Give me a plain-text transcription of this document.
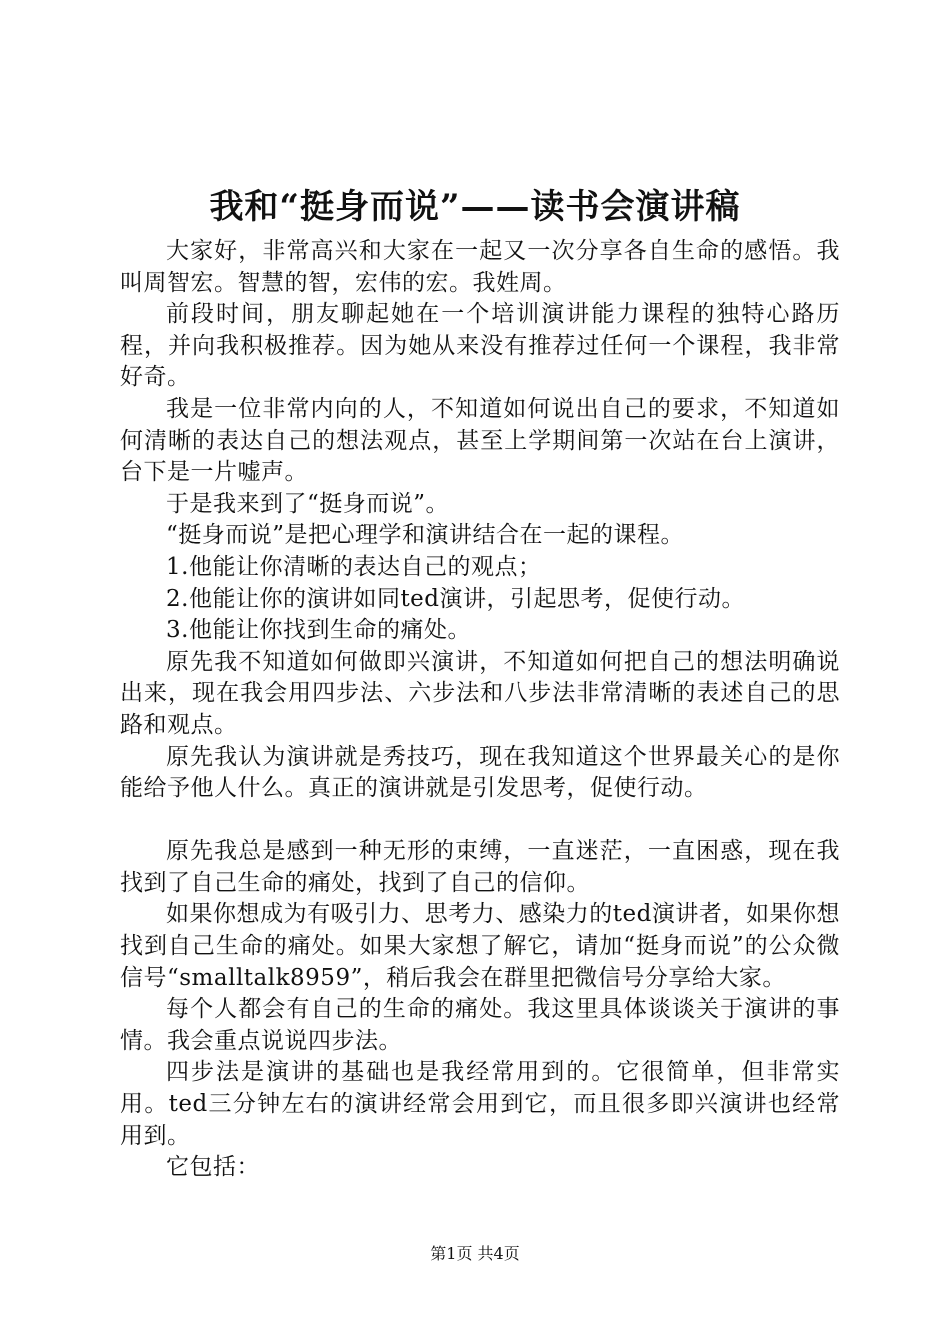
我和“挺身而说”——读书会演讲稿

大家好，非常高兴和大家在一起又一次分享各自生命的感悟。我叫周智宏。智慧的智，宏伟的宏。我姓周。

前段时间，朋友聊起她在一个培训演讲能力课程的独特心路历程，并向我积极推荐。因为她从来没有推荐过任何一个课程，我非常好奇。

我是一位非常内向的人，不知道如何说出自己的要求，不知道如何清晰的表达自己的想法观点，甚至上学期间第一次站在台上演讲，台下是一片嘘声。

于是我来到了“挺身而说”。

“挺身而说”是把心理学和演讲结合在一起的课程。

1.他能让你清晰的表达自己的观点；

2.他能让你的演讲如同ted演讲，引起思考，促使行动。

3.他能让你找到生命的痛处。

原先我不知道如何做即兴演讲，不知道如何把自己的想法明确说出来，现在我会用四步法、六步法和八步法非常清晰的表述自己的思路和观点。

原先我认为演讲就是秀技巧，现在我知道这个世界最关心的是你能给予他人什么。真正的演讲就是引发思考，促使行动。

原先我总是感到一种无形的束缚，一直迷茫，一直困惑，现在我找到了自己生命的痛处，找到了自己的信仰。

如果你想成为有吸引力、思考力、感染力的ted演讲者，如果你想找到自己生命的痛处。如果大家想了解它，请加“挺身而说”的公众微信号“smalltalk8959”，稍后我会在群里把微信号分享给大家。

每个人都会有自己的生命的痛处。我这里具体谈谈关于演讲的事情。我会重点说说四步法。

四步法是演讲的基础也是我经常用到的。它很简单，但非常实用。ted三分钟左右的演讲经常会用到它，而且很多即兴演讲也经常用到。

它包括：

第1页 共4页
